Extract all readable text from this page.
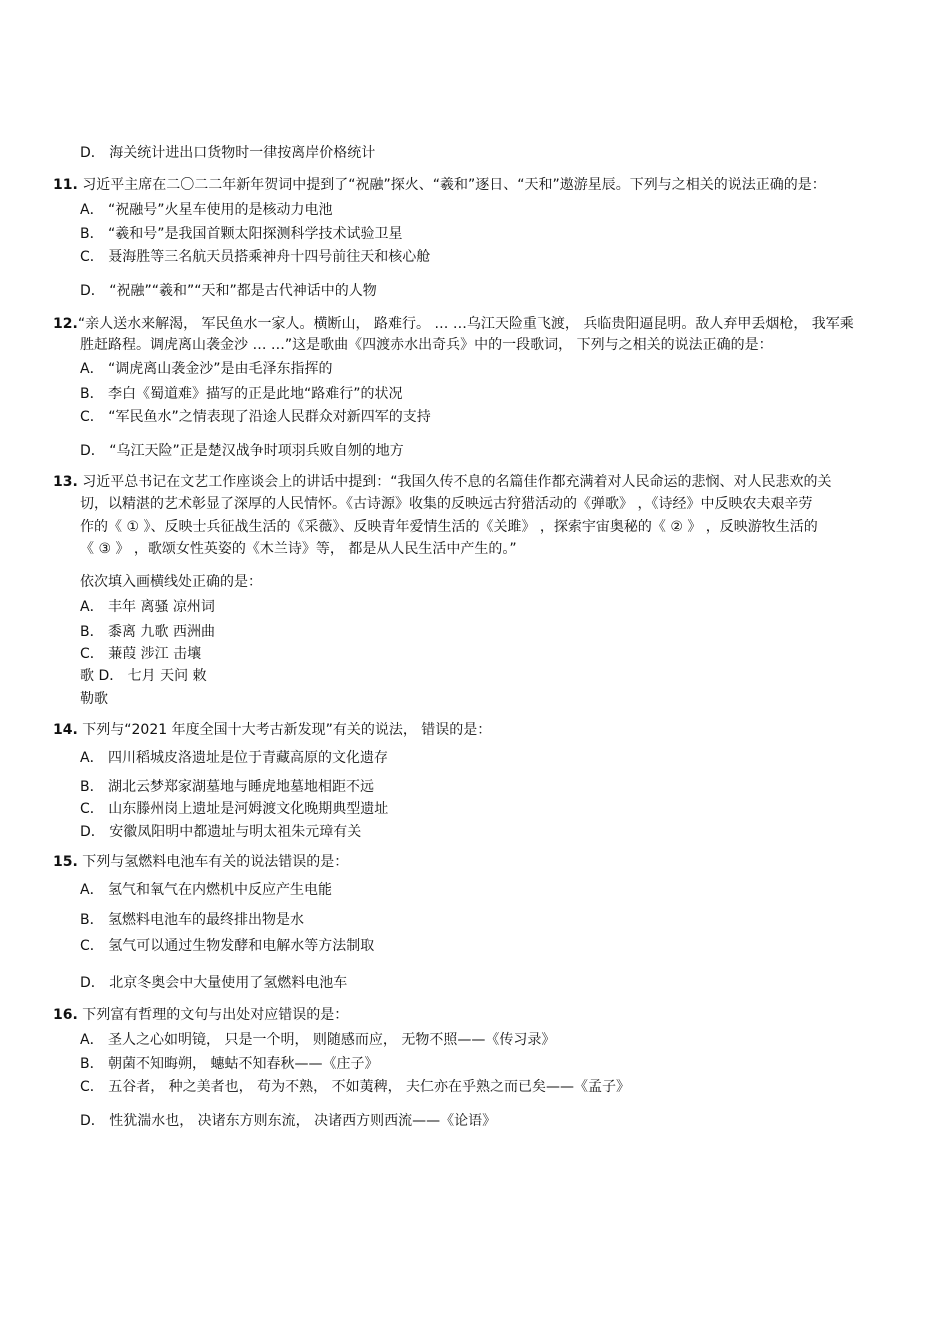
D． 海关统计进出口货物时一律按离岸价格统计
11. 习近平主席在二〇二二年新年贺词中提到了“祝融”探火、“羲和”逐日、“天和”遨游星辰。下列与之相关的说法正确的是：
A． “祝融号”火星车使用的是核动力电池
B． “羲和号”是我国首颗太阳探测科学技术试验卫星
C． 聂海胜等三名航天员搭乘神舟十四号前往天和核心舱
D． “祝融”“羲和”“天和”都是古代神话中的人物
12.“亲人送水来解渴， 军民鱼水一家人。横断山， 路难行。 … …乌江天险重飞渡， 兵临贵阳逼昆明。敌人弃甲丢烟枪， 我军乘
胜赶路程。调虎离山袭金沙 … …”这是歌曲《四渡赤水出奇兵》中的一段歌词， 下列与之相关的说法正确的是：
A． “调虎离山袭金沙”是由毛泽东指挥的
B． 李白《蜀道难》描写的正是此地“路难行”的状况
C． “军民鱼水”之情表现了沿途人民群众对新四军的支持
D． “乌江天险”正是楚汉战争时项羽兵败自刎的地方
13. 习近平总书记在文艺工作座谈会上的讲话中提到：“我国久传不息的名篇佳作都充满着对人民命运的悲悯、对人民悲欢的关
切，以精湛的艺术彰显了深厚的人民情怀。《古诗源》收集的反映远古狩猎活动的《弹歌》 ，《诗经》中反映农夫艰辛劳
作的《 ① 》、反映士兵征战生活的《采薇》、反映青年爱情生活的《关雎》 ，探索宇宙奥秘的《 ② 》 ，反映游牧生活的
《 ③ 》 ，歌颂女性英姿的《木兰诗》等， 都是从人民生活中产生的。”
依次填入画横线处正确的是：
A． 丰年 离骚 凉州词
B． 黍离 九歌 西洲曲
C． 蒹葭 涉江 击壤
歌 D． 七月 天问 敕
勒歌
14. 下列与“2021 年度全国十大考古新发现”有关的说法， 错误的是：
A． 四川稻城皮洛遗址是位于青藏高原的文化遗存
B． 湖北云梦郑家湖墓地与睡虎地墓地相距不远
C． 山东滕州岗上遗址是河姆渡文化晚期典型遗址
D． 安徽凤阳明中都遗址与明太祖朱元璋有关
15. 下列与氢燃料电池车有关的说法错误的是：
A． 氢气和氧气在内燃机中反应产生电能
B． 氢燃料电池车的最终排出物是水
C． 氢气可以通过生物发酵和电解水等方法制取
D． 北京冬奥会中大量使用了氢燃料电池车
16. 下列富有哲理的文句与出处对应错误的是：
A． 圣人之心如明镜， 只是一个明， 则随感而应， 无物不照——《传习录》
B． 朝菌不知晦朔， 蟪蛄不知春秋——《庄子》
C． 五谷者， 种之美者也， 苟为不熟， 不如荑稗， 夫仁亦在乎熟之而已矣——《孟子》
D． 性犹湍水也， 决诸东方则东流， 决诸西方则西流——《论语》
